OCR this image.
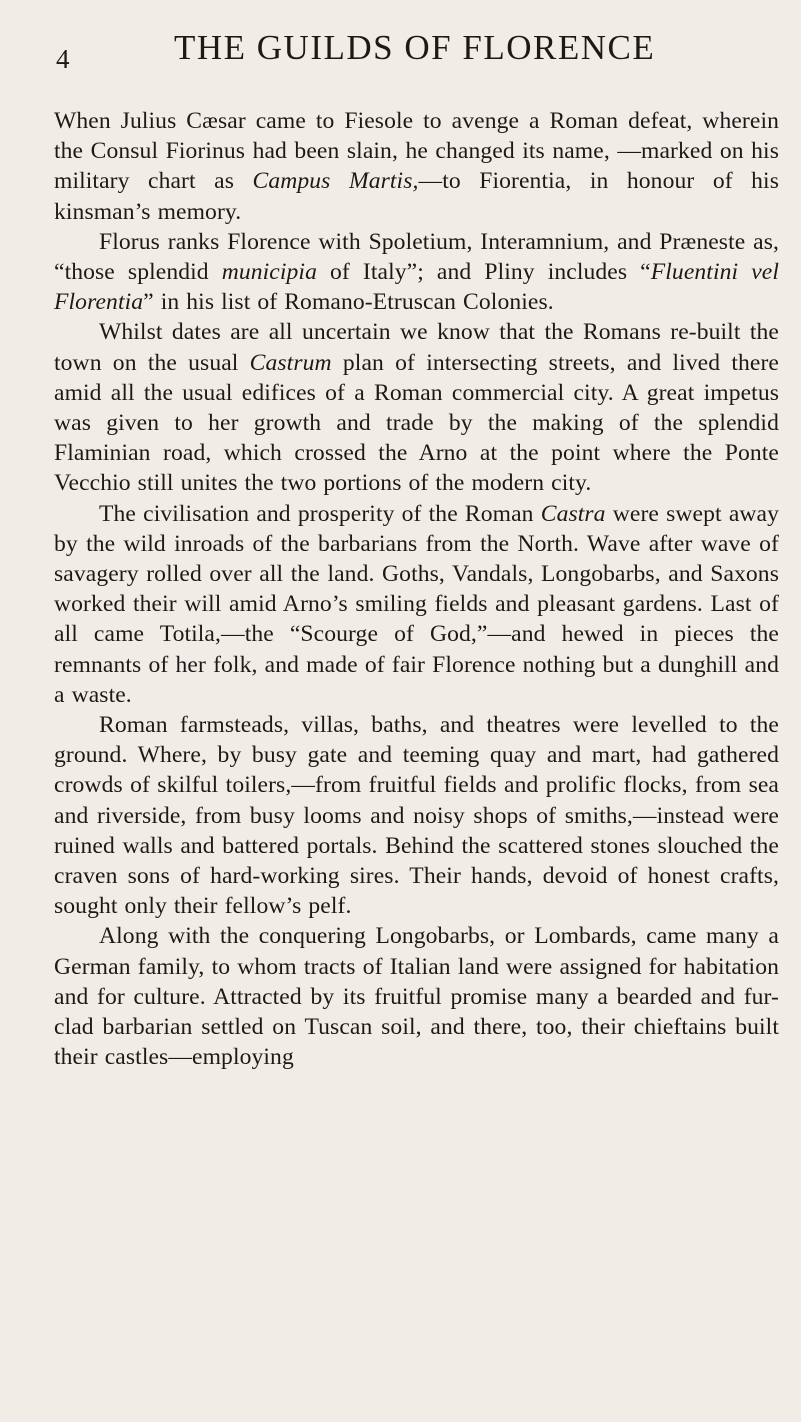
4	THE GUILDS OF FLORENCE

When Julius Cæsar came to Fiesole to avenge a Roman defeat, wherein the Consul Fiorinus had been slain, he changed its name, —marked on his military chart as Campus Martis,—to Fiorentia, in honour of his kinsman’s memory.

Florus ranks Florence with Spoletium, Interamnium, and Præneste as, “those splendid municipia of Italy”; and Pliny includes “Fluentini vel Florentia” in his list of Romano-Etruscan Colonies.

Whilst dates are all uncertain we know that the Romans re-built the town on the usual Castrum plan of intersecting streets, and lived there amid all the usual edifices of a Roman commercial city. A great impetus was given to her growth and trade by the making of the splendid Flaminian road, which crossed the Arno at the point where the Ponte Vecchio still unites the two portions of the modern city.

The civilisation and prosperity of the Roman Castra were swept away by the wild inroads of the barbarians from the North. Wave after wave of savagery rolled over all the land. Goths, Vandals, Longobarbs, and Saxons worked their will amid Arno’s smiling fields and pleasant gardens. Last of all came Totila,—the “Scourge of God,”—and hewed in pieces the remnants of her folk, and made of fair Florence nothing but a dunghill and a waste.

Roman farmsteads, villas, baths, and theatres were levelled to the ground. Where, by busy gate and teeming quay and mart, had gathered crowds of skilful toilers,—from fruitful fields and prolific flocks, from sea and riverside, from busy looms and noisy shops of smiths,—instead were ruined walls and battered portals. Behind the scattered stones slouched the craven sons of hard-working sires. Their hands, devoid of honest crafts, sought only their fellow’s pelf.

Along with the conquering Longobarbs, or Lombards, came many a German family, to whom tracts of Italian land were assigned for habitation and for culture. Attracted by its fruitful promise many a bearded and fur-clad barbarian settled on Tuscan soil, and there, too, their chieftains built their castles—employing
